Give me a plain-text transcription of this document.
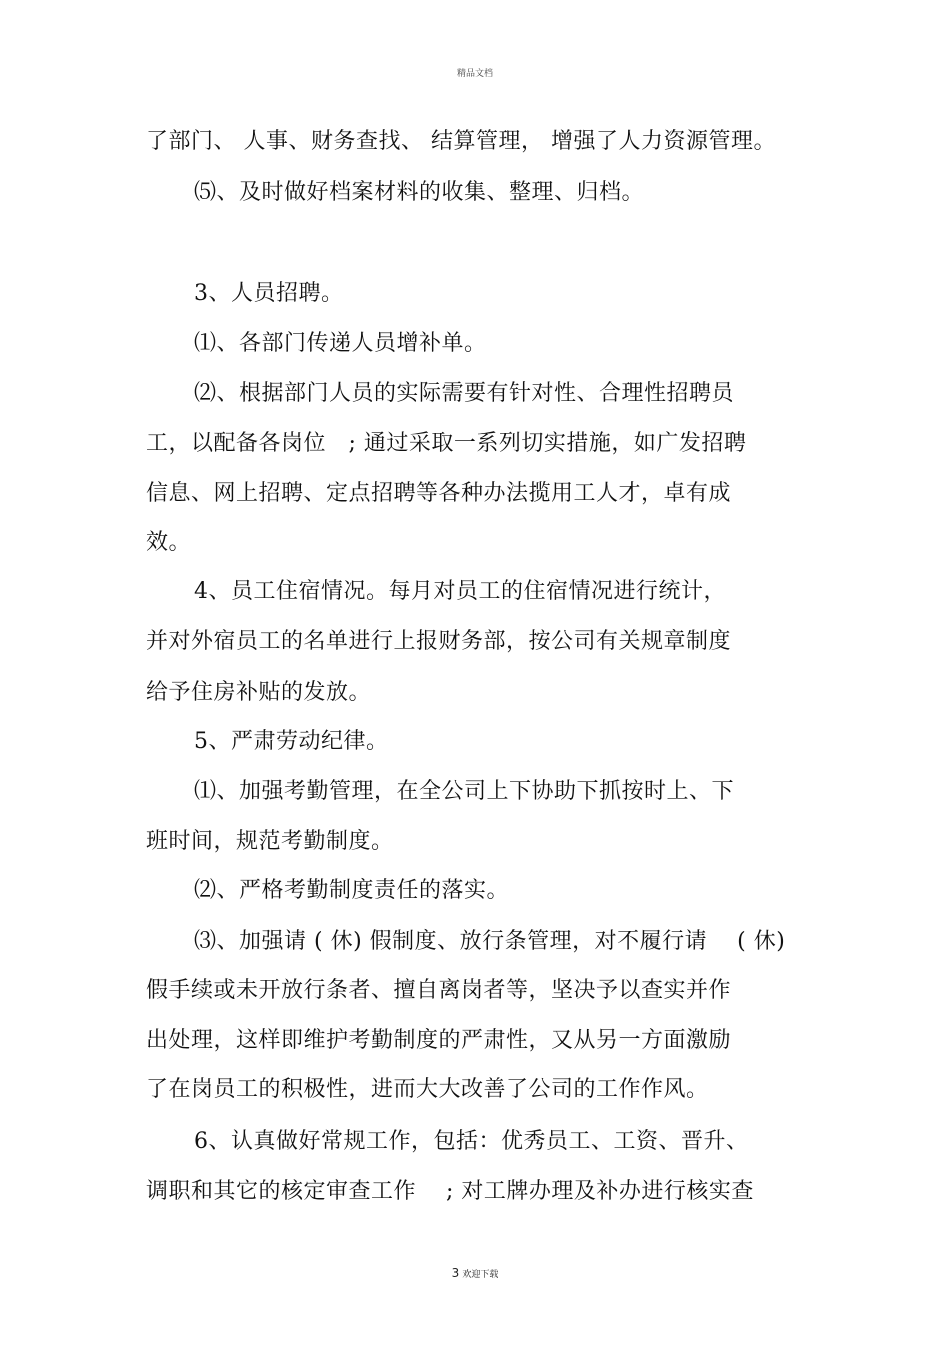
精品文档
了部门、 人事、财务查找、 结算管理， 增强了人力资源管理。
⑸、及时做好档案材料的收集、整理、归档。
3、人员招聘。
⑴、各部门传递人员增补单。
⑵、根据部门人员的实际需要有针对性、合理性招聘员
工，以配备各岗位　; 通过采取一系列切实措施，如广发招聘
信息、网上招聘、定点招聘等各种办法揽用工人才，卓有成
效。
4、员工住宿情况。每月对员工的住宿情况进行统计，
并对外宿员工的名单进行上报财务部，按公司有关规章制度
给予住房补贴的发放。
5、严肃劳动纪律。
⑴、加强考勤管理，在全公司上下协助下抓按时上、下
班时间，规范考勤制度。
⑵、严格考勤制度责任的落实。
⑶、加强请 ( 休) 假制度、放行条管理，对不履行请　 ( 休)
假手续或未开放行条者、擅自离岗者等，坚决予以查实并作
出处理，这样即维护考勤制度的严肃性，又从另一方面激励
了在岗员工的积极性，进而大大改善了公司的工作作风。
6、认真做好常规工作，包括：优秀员工、工资、晋升、
调职和其它的核定审查工作　 ; 对工牌办理及补办进行核实查
3 欢迎下载
